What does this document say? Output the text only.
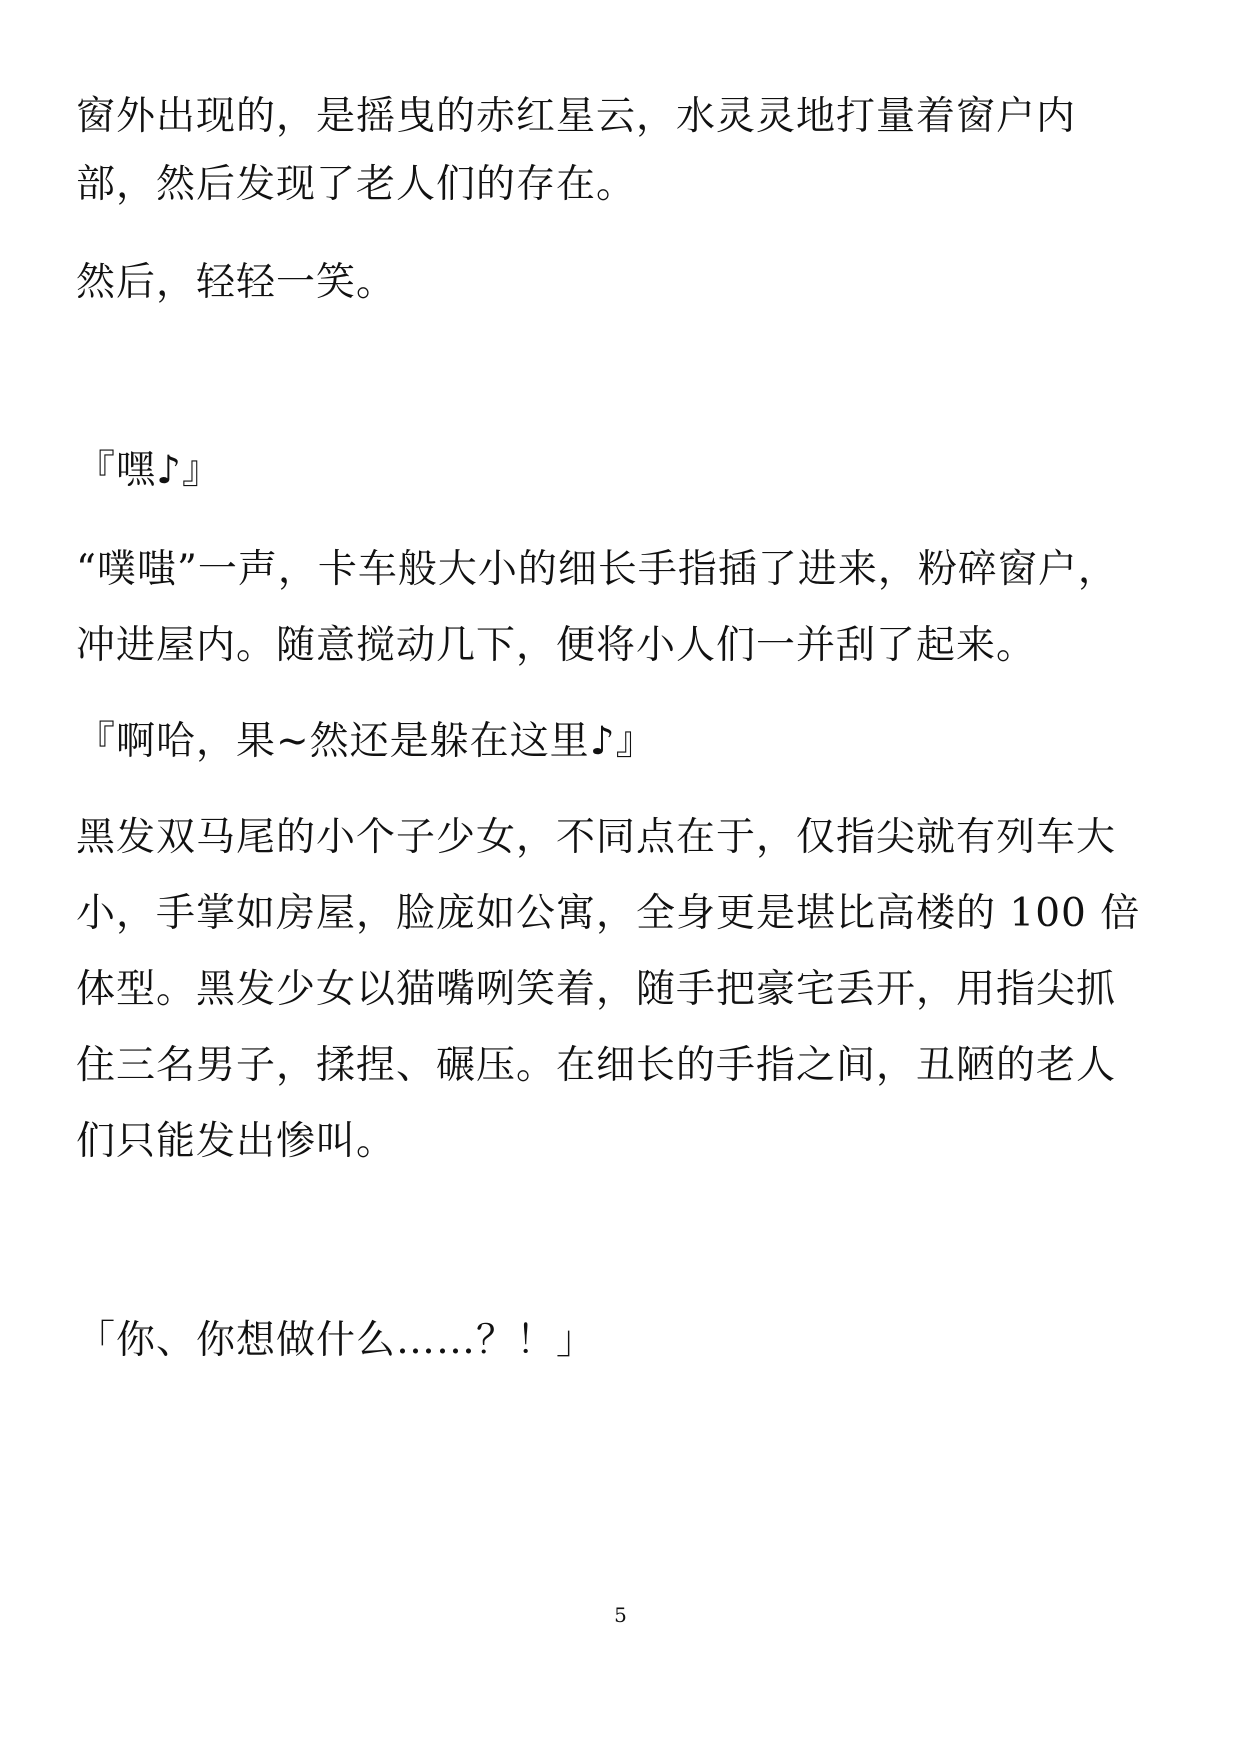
窗外出现的，是摇曳的赤红星云，水灵灵地打量着窗户内
部，然后发现了老人们的存在。
然后，轻轻一笑。
『嘿♪』
“噗嗤”一声，卡车般大小的细长手指插了进来，粉碎窗户，
冲进屋内。随意搅动几下，便将小人们一并刮了起来。
『啊哈，果~然还是躲在这里♪』
黑发双马尾的小个子少女，不同点在于，仅指尖就有列车大
小，手掌如房屋，脸庞如公寓，全身更是堪比高楼的 100 倍
体型。黑发少女以猫嘴咧笑着，随手把豪宅丢开，用指尖抓
住三名男子，揉捏、碾压。在细长的手指之间，丑陋的老人
们只能发出惨叫。
「你、你想做什么……？！」
5
